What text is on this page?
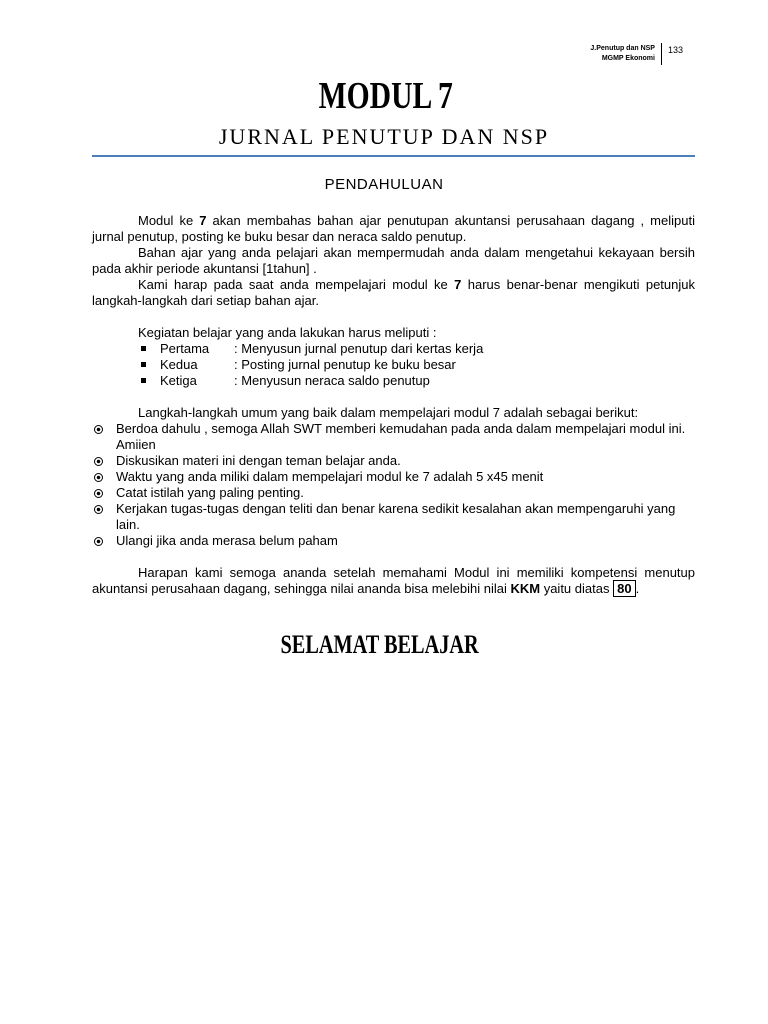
J.Penutup dan NSP
MGMP Ekonomi
133
MODUL 7
JURNAL PENUTUP DAN NSP
PENDAHULUAN

Modul ke 7 akan membahas bahan ajar penutupan akuntansi perusahaan dagang , meliputi jurnal penutup, posting ke buku besar dan neraca saldo penutup.

Bahan ajar yang anda pelajari akan mempermudah anda dalam mengetahui kekayaan bersih pada akhir periode akuntansi [1tahun] .

Kami harap pada saat anda mempelajari modul ke 7 harus benar-benar mengikuti petunjuk langkah-langkah dari setiap bahan ajar.

Kegiatan belajar yang anda lakukan harus meliputi :

Pertama : Menyusun jurnal penutup dari kertas kerja
Kedua	: Posting jurnal penutup ke buku besar
Ketiga	: Menyusun neraca saldo penutup

Langkah-langkah umum yang baik dalam mempelajari modul 7 adalah sebagai berikut:

Berdoa dahulu , semoga Allah SWT memberi kemudahan pada anda dalam mempelajari modul ini. Amiien
Diskusikan materi ini dengan teman belajar anda.
Waktu yang anda miliki dalam mempelajari modul ke 7 adalah 5 x45 menit
Catat istilah yang paling penting.
Kerjakan tugas-tugas dengan teliti dan benar karena sedikit kesalahan akan mempengaruhi yang lain.
Ulangi jika anda merasa belum paham

Harapan kami semoga ananda setelah memahami Modul ini memiliki kompetensi menutup akuntansi perusahaan dagang, sehingga nilai ananda bisa melebihi nilai KKM yaitu diatas 80 .

SELAMAT BELAJAR
